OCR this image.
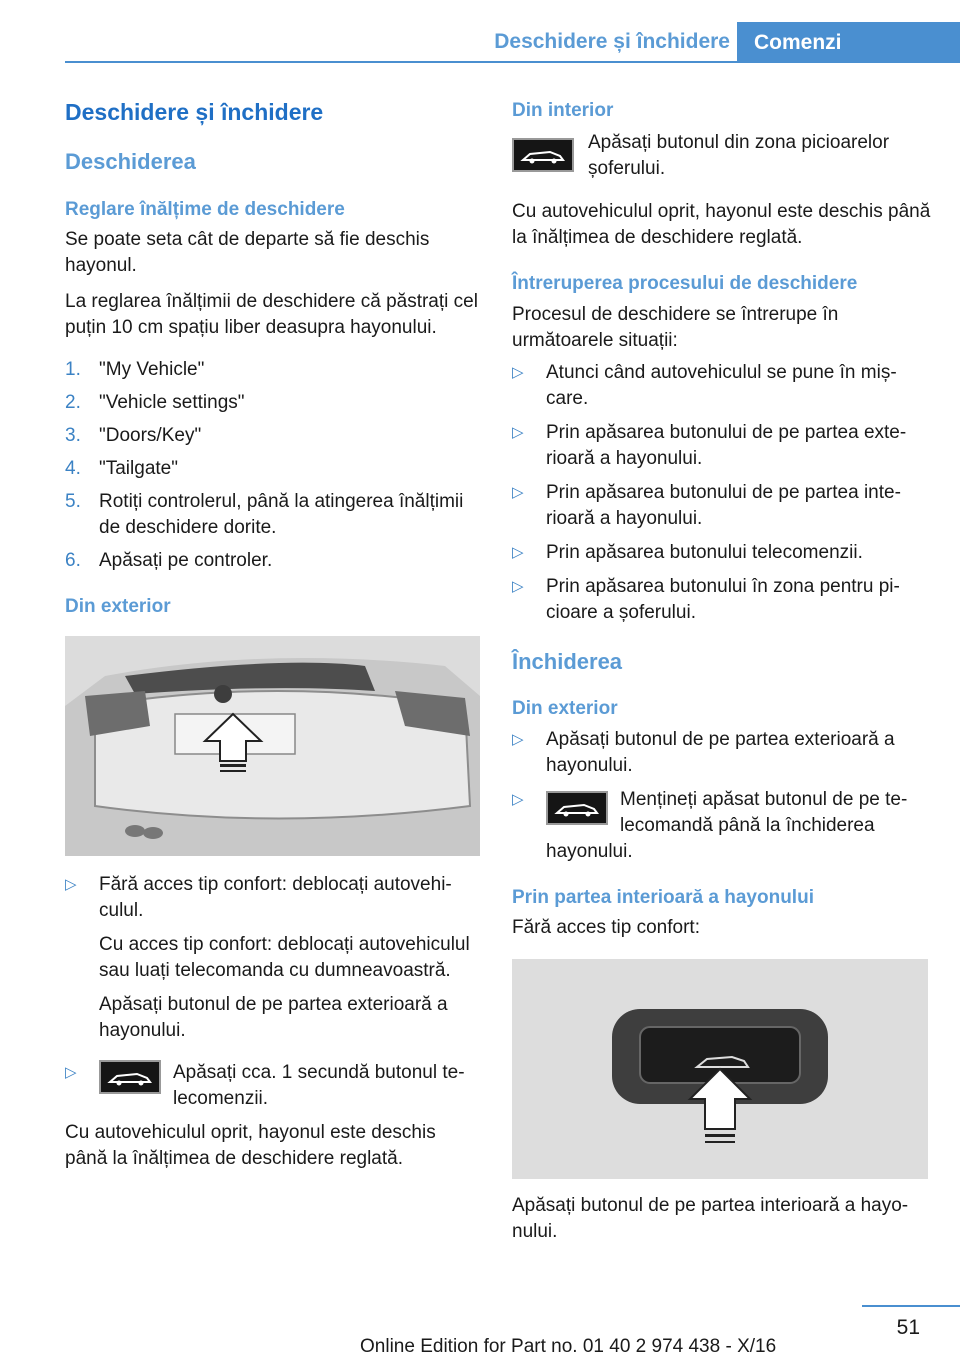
Deschidere și închidere	Comenzi
Deschidere și închidere
Deschiderea
Reglare înălțime de deschidere

Se poate seta cât de departe să fie deschis hayonul.

La reglarea înălțimii de deschidere că păstrați cel puțin 10 cm spațiu liber deasupra hayonului.

1. "My Vehicle"
2. "Vehicle settings"
3. "Doors/Key"
4. "Tailgate"
5. Rotiți controlerul, până la atingerea înălțimii de deschidere dorite.
6. Apăsați pe controler.
Din exterior
▷ Fără acces tip confort: deblocați autovehiculul.
Cu acces tip confort: deblocați autovehiculul sau luați telecomanda cu dumneavoastră.
Apăsați butonul de pe partea exterioară a hayonului.
▷	Apăsați cca. 1 secundă butonul telecomenzii.

Cu autovehiculul oprit, hayonul este deschis până la înălțimea de deschidere reglată.

Din interior
Apăsați butonul din zona picioarelor șoferului.

Cu autovehiculul oprit, hayonul este deschis până la înălțimea de deschidere reglată.

Întreruperea procesului de deschidere

Procesul de deschidere se întrerupe în următoarele situații:

▷ Atunci când autovehiculul se pune în mișcare.
▷ Prin apăsarea butonului de pe partea exterioară a hayonului.
▷ Prin apăsarea butonului de pe partea interioară a hayonului.
▷ Prin apăsarea butonului telecomenzii.
▷ Prin apăsarea butonului în zona pentru picioare a șoferului.
Închiderea
Din exterior
▷ Apăsați butonul de pe partea exterioară a hayonului.
▷	Mențineți apăsat butonul de pe telecomandă până la închiderea hayonului.
Prin partea interioară a hayonului

Fără acces tip confort:

Apăsați butonul de pe partea interioară a hayonului.

51
Online Edition for Part no. 01 40 2 974 438 - X/16
